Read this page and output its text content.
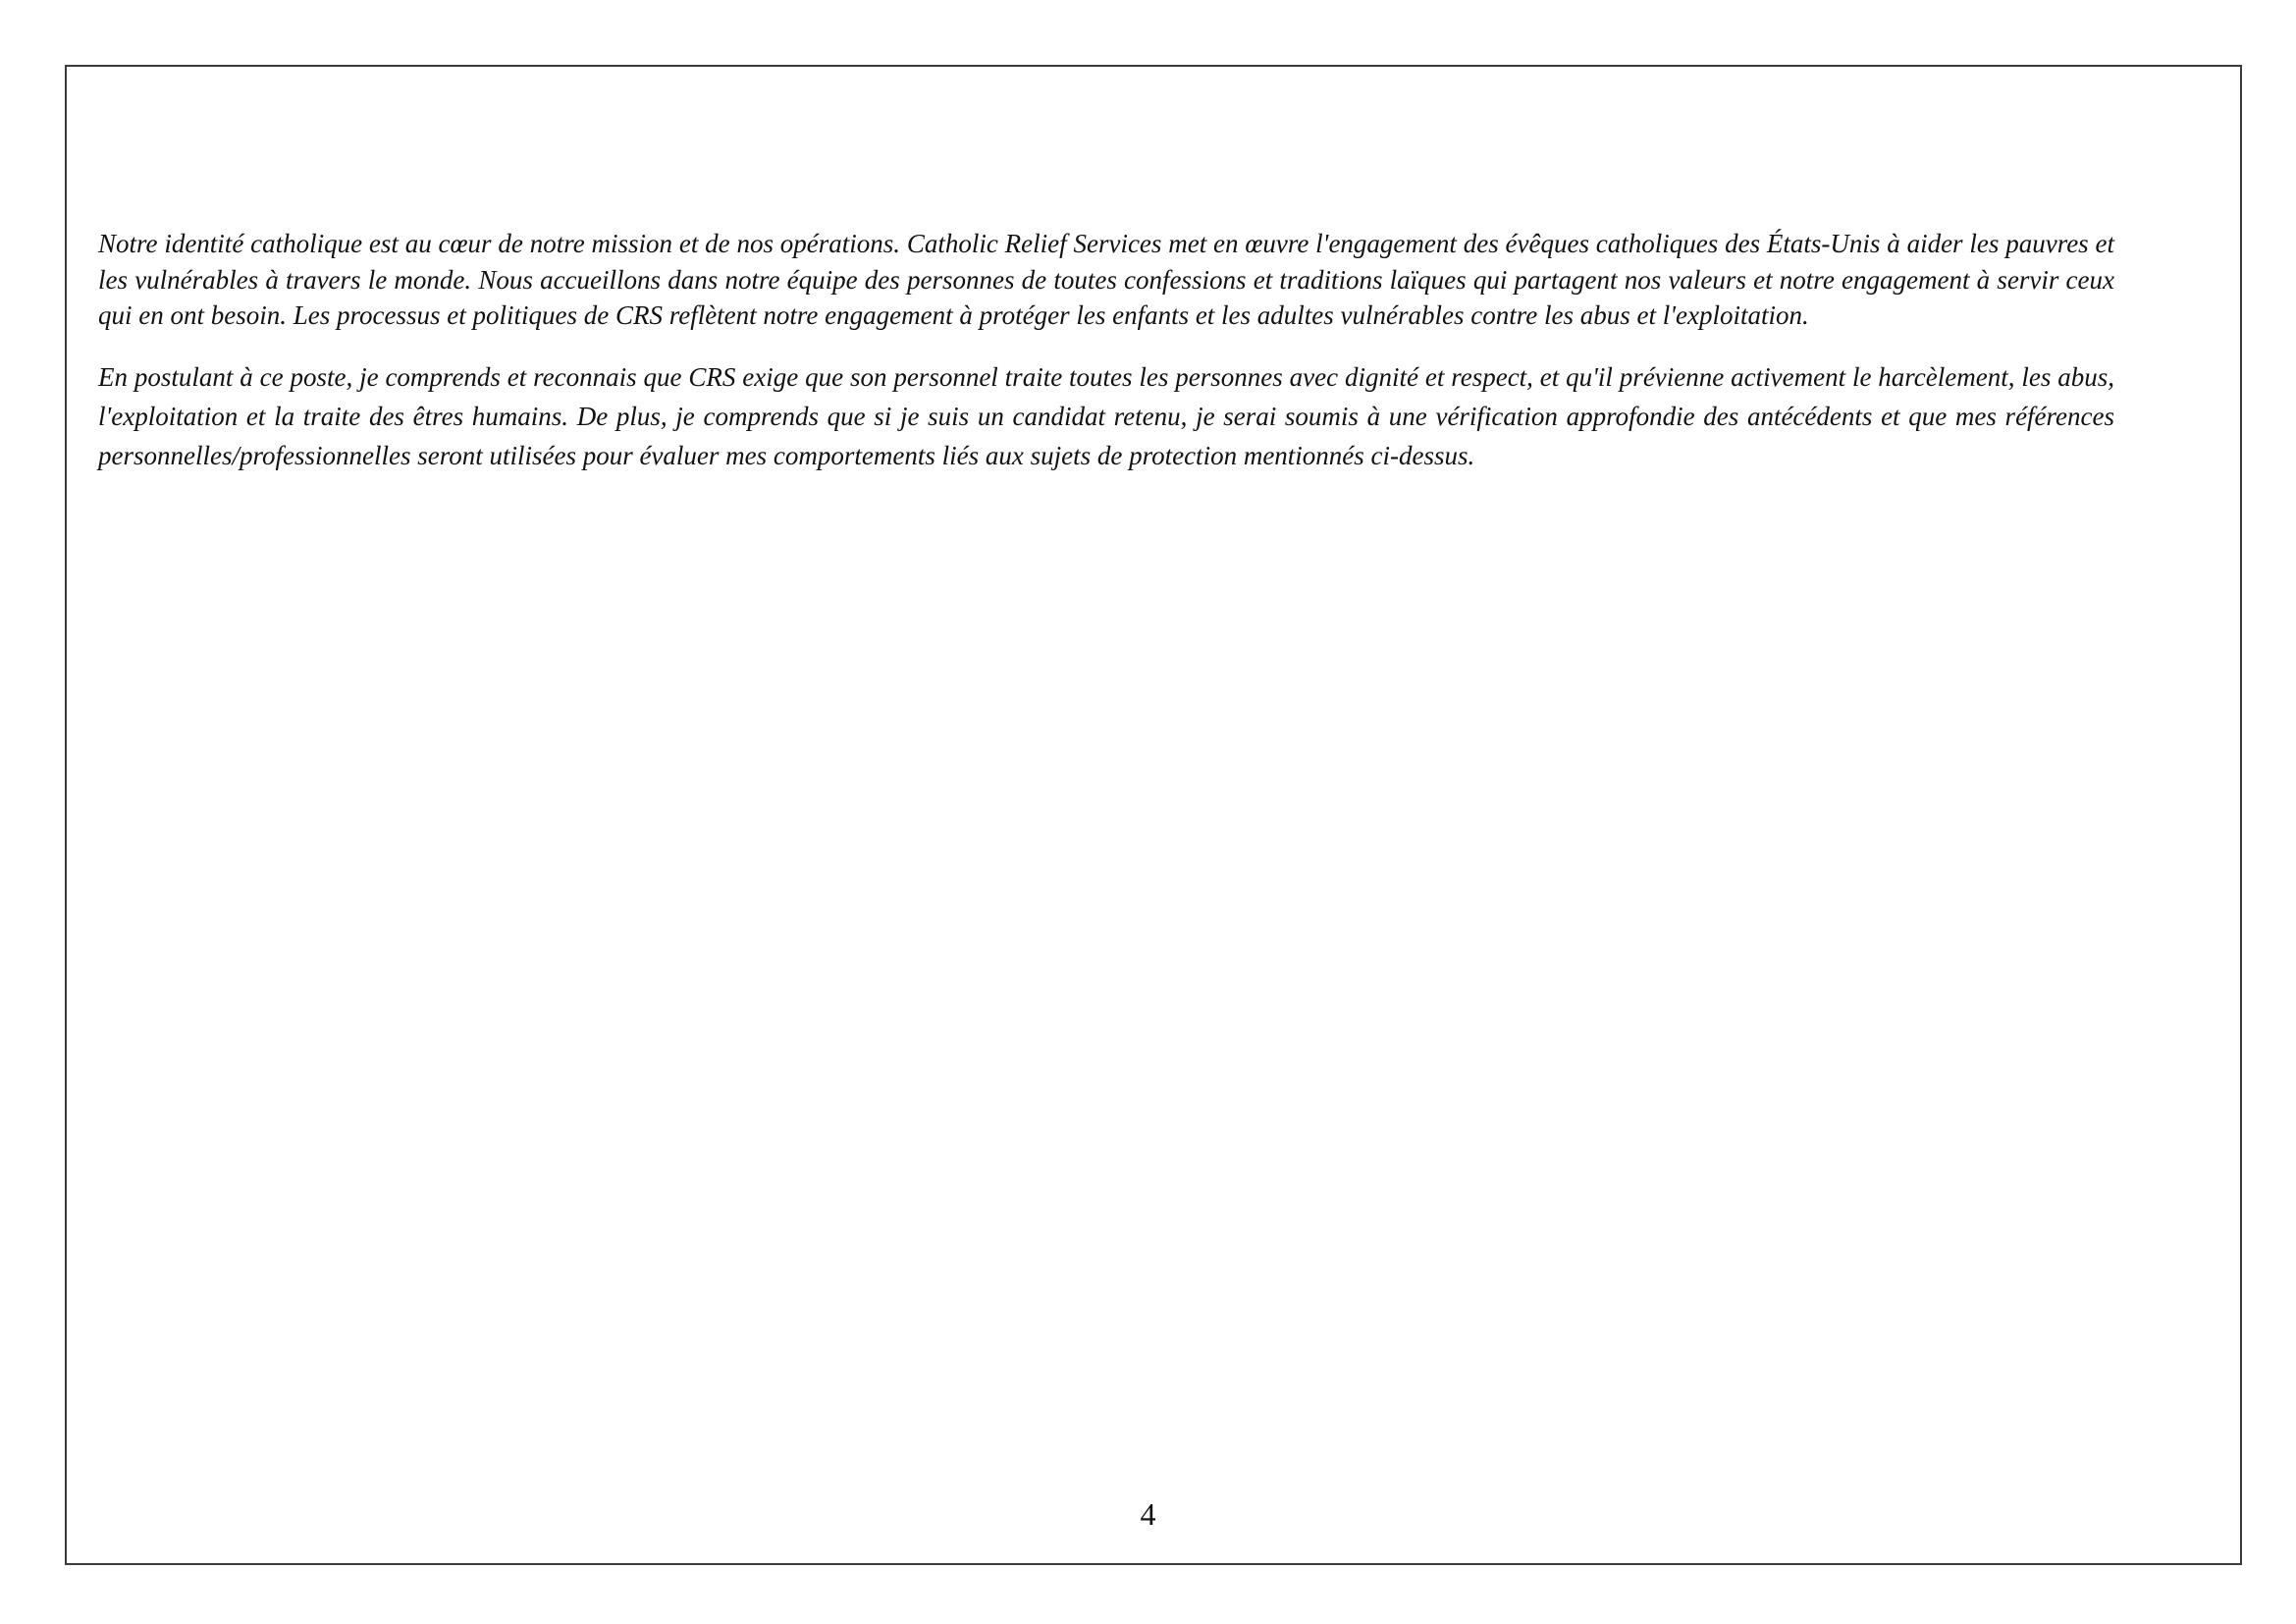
Notre identité catholique est au cœur de notre mission et de nos opérations. Catholic Relief Services met en œuvre l'engagement des évêques catholiques des États-Unis à aider les pauvres et les vulnérables à travers le monde. Nous accueillons dans notre équipe des personnes de toutes confessions et traditions laïques qui partagent nos valeurs et notre engagement à servir ceux qui en ont besoin. Les processus et politiques de CRS reflètent notre engagement à protéger les enfants et les adultes vulnérables contre les abus et l'exploitation.

En postulant à ce poste, je comprends et reconnais que CRS exige que son personnel traite toutes les personnes avec dignité et respect, et qu'il prévienne activement le harcèlement, les abus, l'exploitation et la traite des êtres humains. De plus, je comprends que si je suis un candidat retenu, je serai soumis à une vérification approfondie des antécédents et que mes références personnelles/professionnelles seront utilisées pour évaluer mes comportements liés aux sujets de protection mentionnés ci-dessus.

4
